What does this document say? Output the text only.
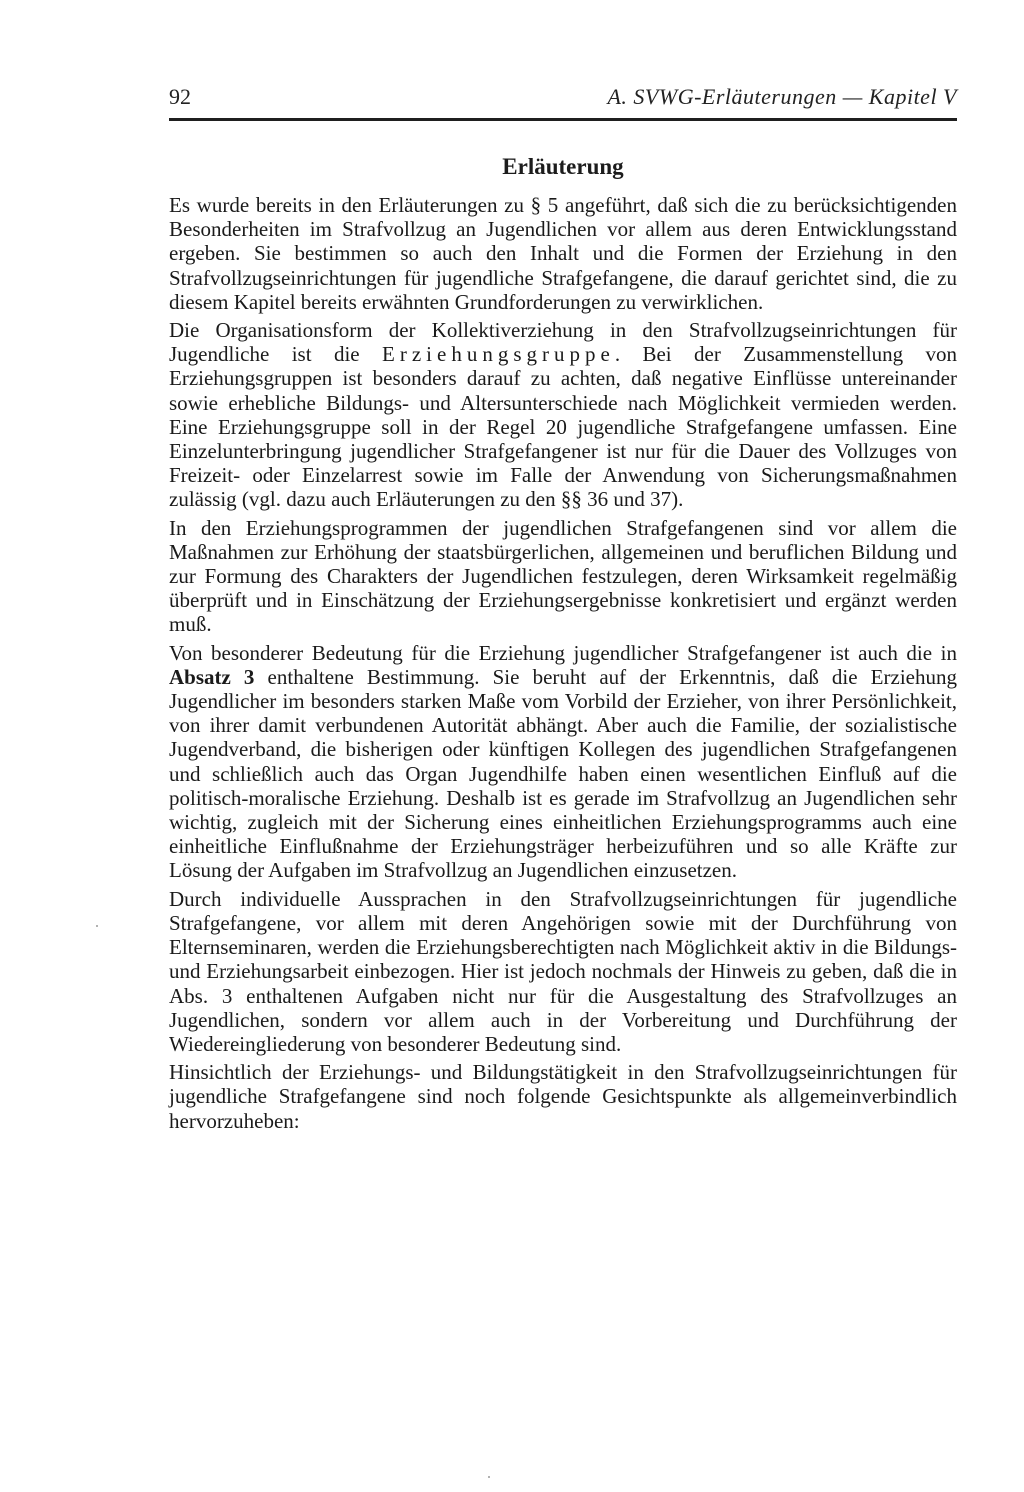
92	A. SVWG-Erläuterungen — Kapitel V
Erläuterung

Es wurde bereits in den Erläuterungen zu § 5 angeführt, daß sich die zu berücksichtigenden Besonderheiten im Strafvollzug an Jugendlichen vor allem aus deren Entwicklungsstand ergeben. Sie bestimmen so auch den Inhalt und die Formen der Erziehung in den Strafvollzugseinrichtungen für jugendliche Strafgefangene, die darauf gerichtet sind, die zu diesem Kapitel bereits erwähnten Grundforderungen zu verwirklichen.

Die Organisationsform der Kollektiverziehung in den Strafvollzugseinrichtungen für Jugendliche ist die Erziehungsgruppe. Bei der Zusammenstellung von Erziehungsgruppen ist besonders darauf zu achten, daß negative Einflüsse untereinander sowie erhebliche Bildungs- und Altersunterschiede nach Möglichkeit vermieden werden. Eine Erziehungsgruppe soll in der Regel 20 jugendliche Strafgefangene umfassen. Eine Einzelunterbringung jugendlicher Strafgefangener ist nur für die Dauer des Vollzuges von Freizeit- oder Einzelarrest sowie im Falle der Anwendung von Sicherungsmaßnahmen zulässig (vgl. dazu auch Erläuterungen zu den §§ 36 und 37).

In den Erziehungsprogrammen der jugendlichen Strafgefangenen sind vor allem die Maßnahmen zur Erhöhung der staatsbürgerlichen, allgemeinen und beruflichen Bildung und zur Formung des Charakters der Jugendlichen festzulegen, deren Wirksamkeit regelmäßig überprüft und in Einschätzung der Erziehungsergebnisse konkretisiert und ergänzt werden muß.

Von besonderer Bedeutung für die Erziehung jugendlicher Strafgefangener ist auch die in Absatz 3 enthaltene Bestimmung. Sie beruht auf der Erkenntnis, daß die Erziehung Jugendlicher im besonders starken Maße vom Vorbild der Erzieher, von ihrer Persönlichkeit, von ihrer damit verbundenen Autorität abhängt. Aber auch die Familie, der sozialistische Jugendverband, die bisherigen oder künftigen Kollegen des jugendlichen Strafgefangenen und schließlich auch das Organ Jugendhilfe haben einen wesentlichen Einfluß auf die politisch-moralische Erziehung. Deshalb ist es gerade im Strafvollzug an Jugendlichen sehr wichtig, zugleich mit der Sicherung eines einheitlichen Erziehungsprogramms auch eine einheitliche Einflußnahme der Erziehungsträger herbeizuführen und so alle Kräfte zur Lösung der Aufgaben im Strafvollzug an Jugendlichen einzusetzen.

Durch individuelle Aussprachen in den Strafvollzugseinrichtungen für jugendliche Strafgefangene, vor allem mit deren Angehörigen sowie mit der Durchführung von Elternseminaren, werden die Erziehungsberechtigten nach Möglichkeit aktiv in die Bildungs- und Erziehungsarbeit einbezogen. Hier ist jedoch nochmals der Hinweis zu geben, daß die in Abs. 3 enthaltenen Aufgaben nicht nur für die Ausgestaltung des Strafvollzuges an Jugendlichen, sondern vor allem auch in der Vorbereitung und Durchführung der Wiedereingliederung von besonderer Bedeutung sind.

Hinsichtlich der Erziehungs- und Bildungstätigkeit in den Strafvollzugseinrichtungen für jugendliche Strafgefangene sind noch folgende Gesichtspunkte als allgemeinverbindlich hervorzuheben:
